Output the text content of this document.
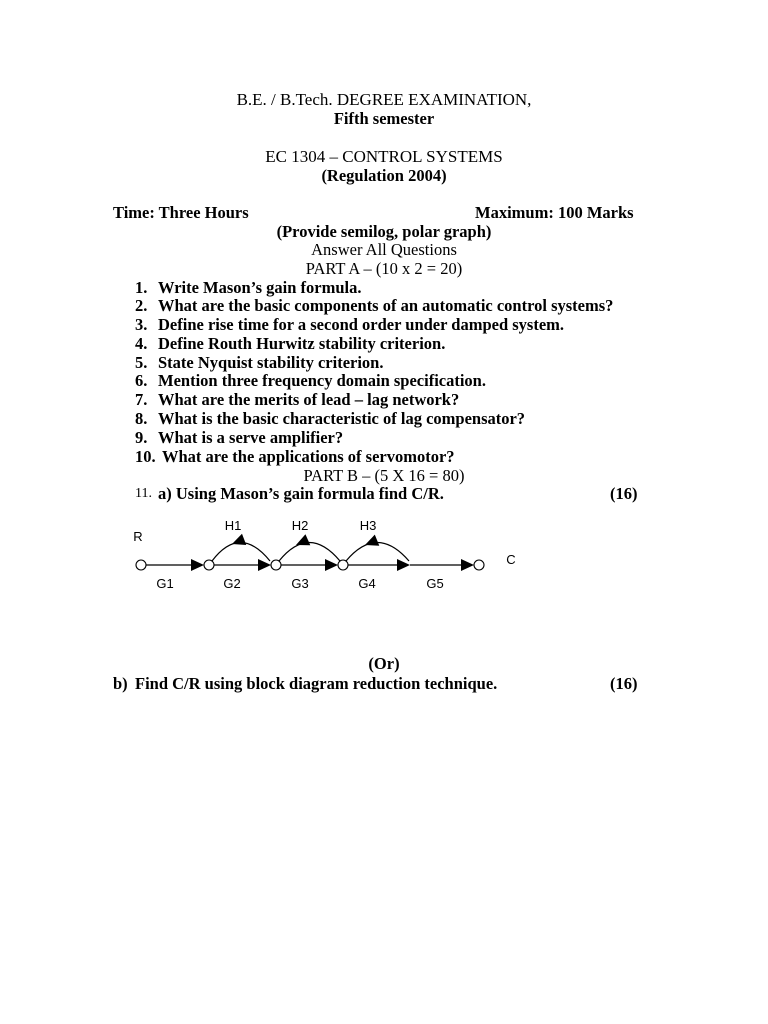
B.E. / B.Tech. DEGREE EXAMINATION,
Fifth semester
EC 1304 – CONTROL SYSTEMS
(Regulation 2004)
Time: Three Hours	Maximum: 100 Marks
(Provide semilog, polar graph)
Answer All Questions
PART A – (10 x 2 = 20)
1. Write Mason’s gain formula.
2. What are the basic components of an automatic control systems?
3. Define rise time for a second order under damped system.
4. Define Routh Hurwitz stability criterion.
5. State Nyquist stability criterion.
6. Mention three frequency domain specification.
7. What are the merits of lead – lag network?
8. What is the basic characteristic of lag compensator?
9. What is a serve amplifier?
10. What are the applications of servomotor?
PART B – (5 X 16 = 80)
11. a) Using Mason’s gain formula find C/R.	(16)
R
C
H1	H2	H3
G1	G2	G3	G4	G5
(Or)
b) Find C/R using block diagram reduction technique.	(16)
